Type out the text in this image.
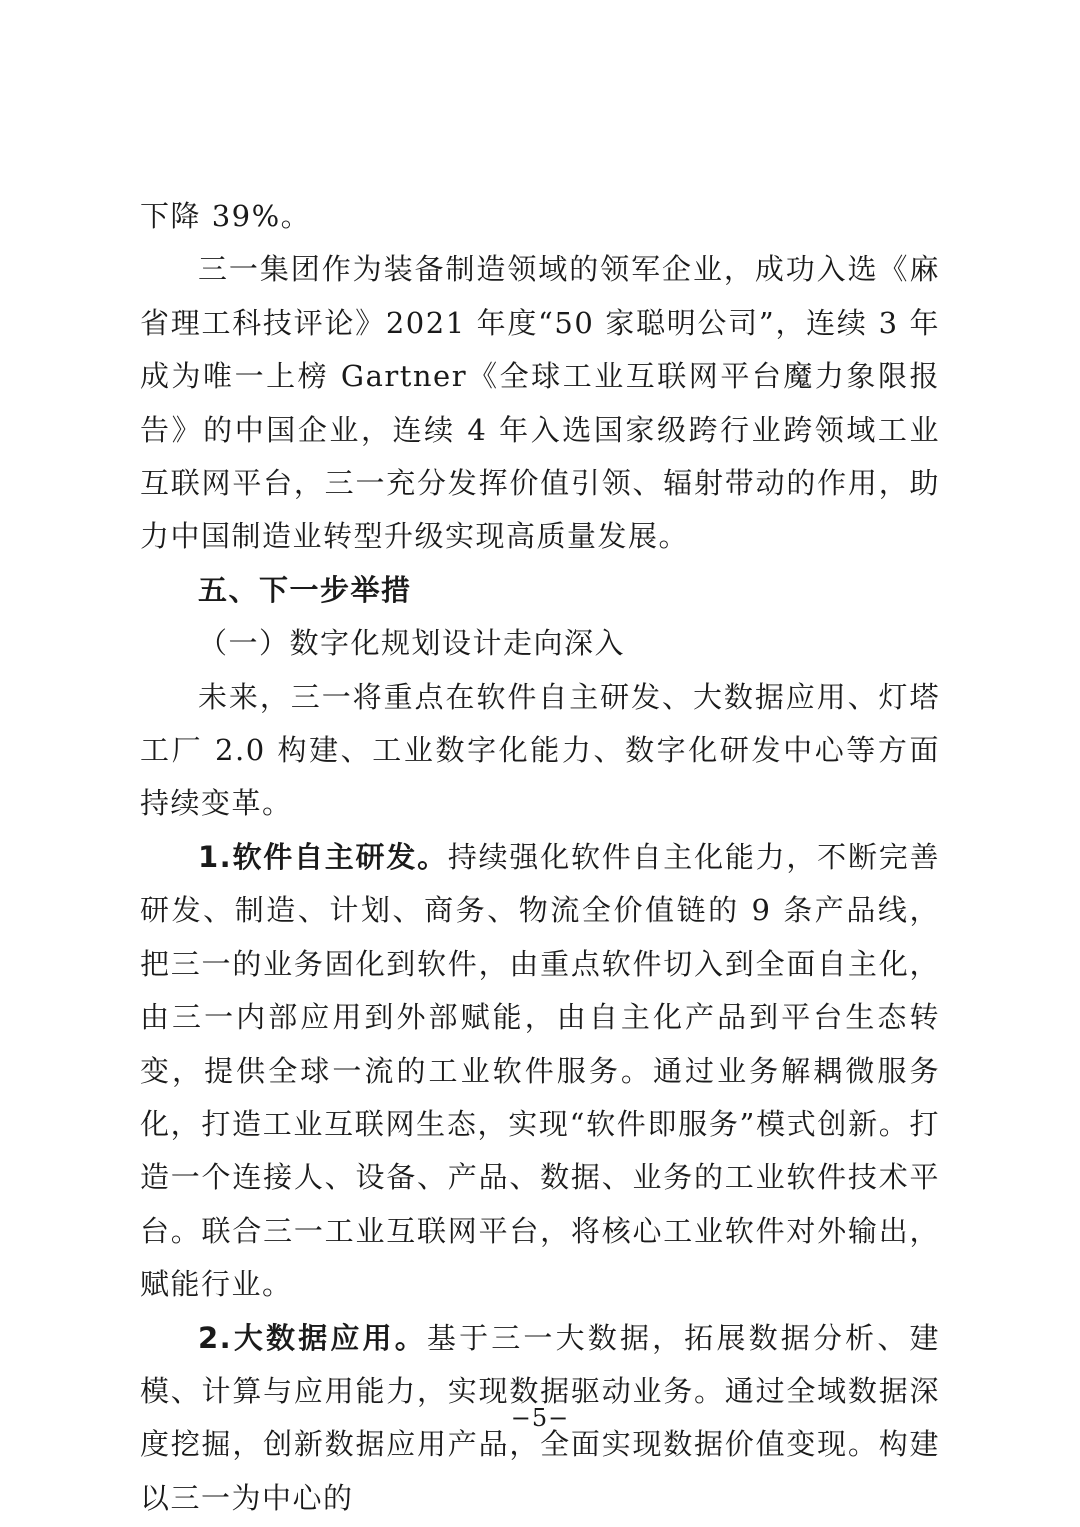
下降 39%。

三一集团作为装备制造领域的领军企业，成功入选《麻省理工科技评论》2021 年度“50 家聪明公司”，连续 3 年成为唯一上榜 Gartner《全球工业互联网平台魔力象限报告》的中国企业，连续 4 年入选国家级跨行业跨领域工业互联网平台，三一充分发挥价值引领、辐射带动的作用，助力中国制造业转型升级实现高质量发展。

五、下一步举措

（一）数字化规划设计走向深入

未来，三一将重点在软件自主研发、大数据应用、灯塔工厂 2.0 构建、工业数字化能力、数字化研发中心等方面持续变革。

1.软件自主研发。持续强化软件自主化能力，不断完善研发、制造、计划、商务、物流全价值链的 9 条产品线，把三一的业务固化到软件，由重点软件切入到全面自主化，由三一内部应用到外部赋能，由自主化产品到平台生态转变，提供全球一流的工业软件服务。通过业务解耦微服务化，打造工业互联网生态，实现“软件即服务”模式创新。打造一个连接人、设备、产品、数据、业务的工业软件技术平台。联合三一工业互联网平台，将核心工业软件对外输出，赋能行业。

2.大数据应用。基于三一大数据，拓展数据分析、建模、计算与应用能力，实现数据驱动业务。通过全域数据深度挖掘，创新数据应用产品，全面实现数据价值变现。构建以三一为中心的

−5−
